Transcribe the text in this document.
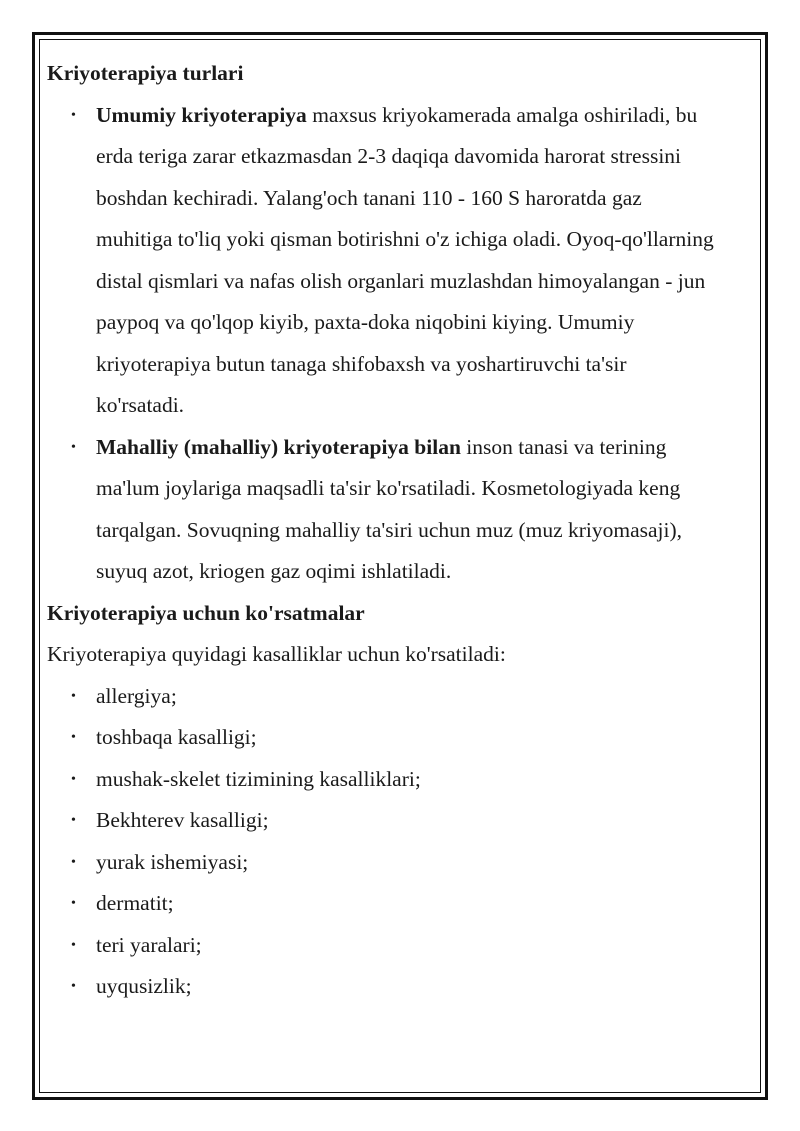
Kriyoterapiya turlari

• Umumiy kriyoterapiya maxsus kriyokamerada amalga oshiriladi, bu erda teriga zarar etkazmasdan 2-3 daqiqa davomida harorat stressini boshdan kechiradi. Yalang'och tanani 110 - 160 S haroratda gaz muhitiga to'liq yoki qisman botirishni o'z ichiga oladi. Oyoq-qo'llarning distal qismlari va nafas olish organlari muzlashdan himoyalangan - jun paypoq va qo'lqop kiyib, paxta-doka niqobini kiying. Umumiy kriyoterapiya butun tanaga shifobaxsh va yoshartiruvchi ta'sir ko'rsatadi.
• Mahalliy (mahalliy) kriyoterapiya bilan inson tanasi va terining ma'lum joylariga maqsadli ta'sir ko'rsatiladi. Kosmetologiyada keng tarqalgan. Sovuqning mahalliy ta'siri uchun muz (muz kriyomasaji), suyuq azot, kriogen gaz oqimi ishlatiladi.

Kriyoterapiya uchun ko'rsatmalar

Kriyoterapiya quyidagi kasalliklar uchun ko'rsatiladi:

• allergiya;
• toshbaqa kasalligi;
• mushak-skelet tizimining kasalliklari;
• Bekhterev kasalligi;
• yurak ishemiyasi;
• dermatit;
• teri yaralari;
• uyqusizlik;
